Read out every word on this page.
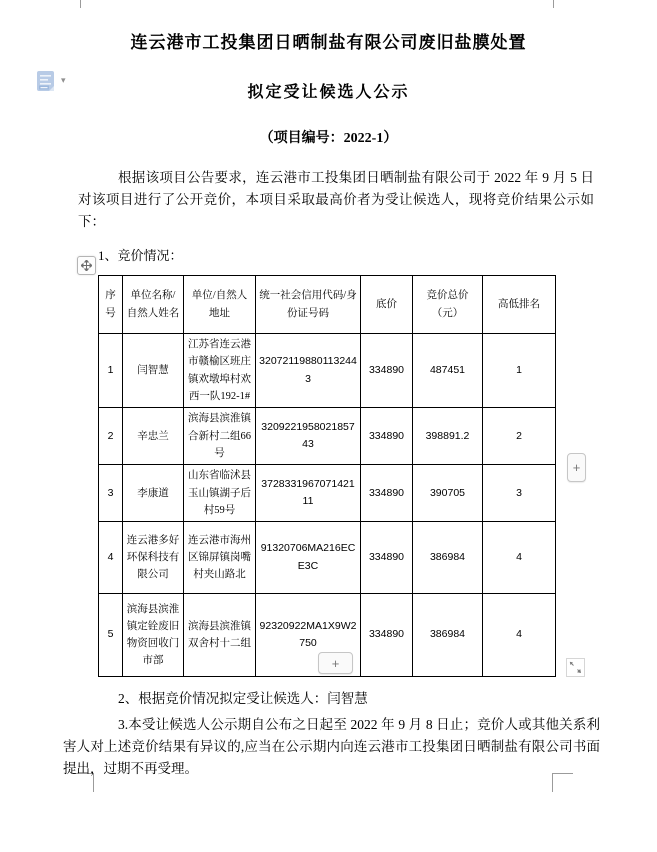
连云港市工投集团日晒制盐有限公司废旧盐膜处置
▾
拟定受让候选人公示
（项目编号：2022-1）
根据该项目公告要求，连云港市工投集团日晒制盐有限公司于 2022 年 9 月 5 日对该项目进行了公开竞价，本项目采取最高价者为受让候选人，现将竞价结果公示如下：
1、竞价情况：
序号	单位名称/自然人姓名	单位/自然人地址	统一社会信用代码/身份证号码	底价	竞价总价（元）	高低排名
1	闫智慧	江苏省连云港市赣榆区班庄镇欢墩埠村欢西一队192-1#	320721198801132443	334890	487451	1
2	辛忠兰	滨海县滨淮镇合新村二组66号	320922195802185743	334890	398891.2	2
3	李康道	山东省临沭县玉山镇湖子后村59号	372833196707142111	334890	390705	3
4	连云港多好环保科技有限公司	连云港市海州区锦屏镇岗嘴村夹山路北	91320706MA216ECE3C	334890	386984	4
5	滨海县滨淮镇定铨废旧物资回收门市部	滨海县滨淮镇双舍村十二组	92320922MA1X9W2750	334890	386984	4
+
+
2、根据竞价情况拟定受让候选人：闫智慧
3.本受让候选人公示期自公布之日起至 2022 年 9 月 8 日止；竞价人或其他关系利害人对上述竞价结果有异议的,应当在公示期内向连云港市工投集团日晒制盐有限公司书面提出，过期不再受理。
